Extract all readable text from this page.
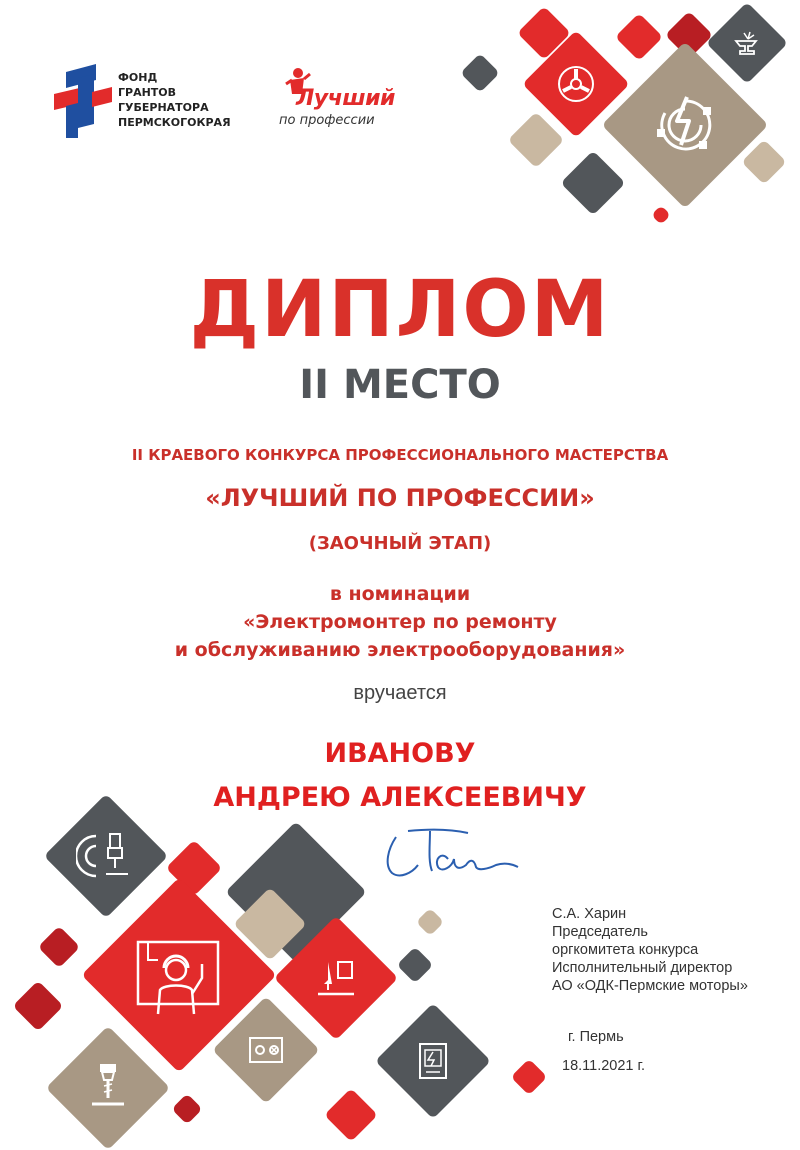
ФОНД
ГРАНТОВ
ГУБЕРНАТОРА
ПЕРМСКОГОКРАЯ
Лучший
по профессии
ДИПЛОМ
II МЕСТО
II КРАЕВОГО КОНКУРСА ПРОФЕССИОНАЛЬНОГО МАСТЕРСТВА
«ЛУЧШИЙ ПО ПРОФЕССИИ»
(ЗАОЧНЫЙ ЭТАП)
в номинации
«Электромонтер по ремонту
и обслуживанию электрооборудования»
вручается
ИВАНОВУ
АНДРЕЮ АЛЕКСЕЕВИЧУ
С.А. Харин
Председатель
оргкомитета конкурса
Исполнительный директор
АО «ОДК-Пермские моторы»
г. Пермь
18.11.2021 г.
